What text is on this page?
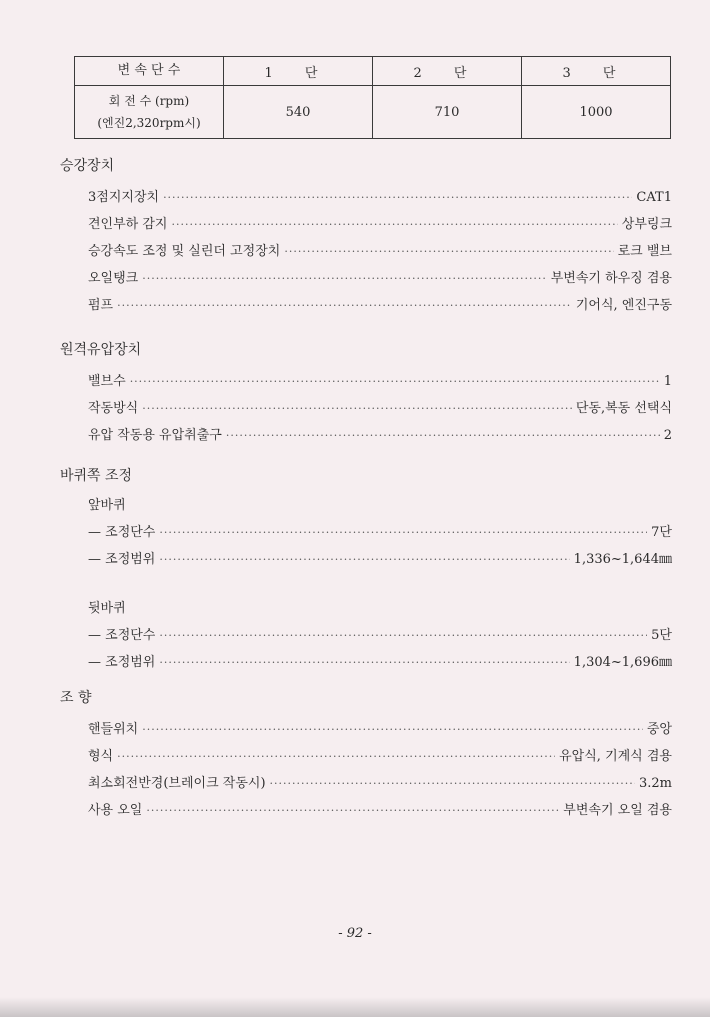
변 속 단 수	1 단	2 단	3 단

회 전 수 (rpm)
(엔진2,320rpm시)	540	710	1000
승강장치
3점지지장치 ·····	CAT1
견인부하 감지 ·····	상부링크
승강속도 조정 및 실린더 고정장치 ·····	로크 밸브
오일탱크 ·····	부변속기 하우징 겸용
펌프 ·····	기어식, 엔진구동
원격유압장치
밸브수 ·····	1
작동방식 ·····	단동,복동 선택식
유압 작동용 유압취출구 ·····	2
바퀴쪽 조정
앞바퀴
— 조정단수 ·····	7단
— 조정범위 ·····	1,336~1,644㎜
뒷바퀴
— 조정단수 ·····	5단
— 조정범위 ·····	1,304~1,696㎜
조 향
핸들위치 ·····	중앙
형식 ·····	유압식, 기계식 겸용
최소회전반경(브레이크 작동시) ·····	3.2m
사용 오일 ·····	부변속기 오일 겸용
- 92 -
